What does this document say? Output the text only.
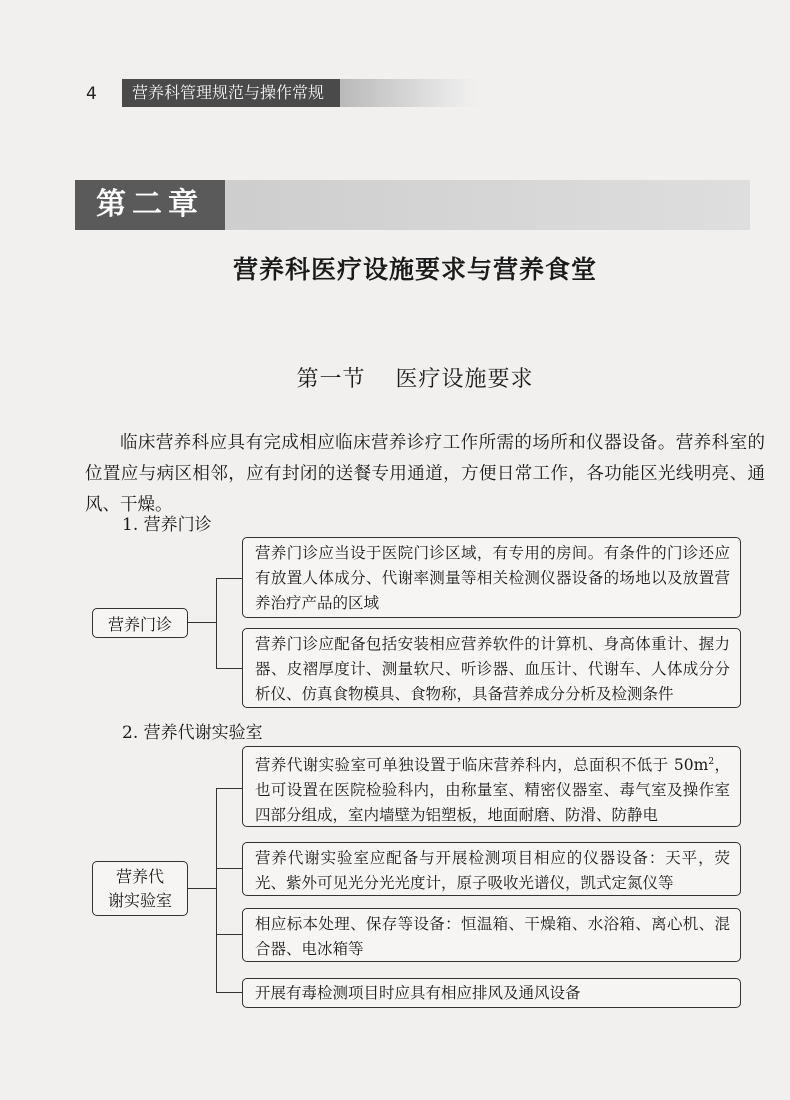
4	营养科管理规范与操作常规
第二章
营养科医疗设施要求与营养食堂
第一节 医疗设施要求
临床营养科应具有完成相应临床营养诊疗工作所需的场所和仪器设备。营养科室的位置应与病区相邻，应有封闭的送餐专用通道，方便日常工作，各功能区光线明亮、通风、干燥。
1. 营养门诊
营养门诊
营养门诊应当设于医院门诊区域，有专用的房间。有条件的门诊还应有放置人体成分、代谢率测量等相关检测仪器设备的场地以及放置营养治疗产品的区域
营养门诊应配备包括安装相应营养软件的计算机、身高体重计、握力器、皮褶厚度计、测量软尺、听诊器、血压计、代谢车、人体成分分析仪、仿真食物模具、食物称，具备营养成分分析及检测条件
2. 营养代谢实验室
营养代
谢实验室
营养代谢实验室可单独设置于临床营养科内，总面积不低于 $50m^2$，也可设置在医院检验科内，由称量室、精密仪器室、毒气室及操作室四部分组成，室内墙壁为铝塑板，地面耐磨、防滑、防静电
营养代谢实验室应配备与开展检测项目相应的仪器设备：天平，荧光、紫外可见光分光光度计，原子吸收光谱仪，凯式定氮仪等
相应标本处理、保存等设备：恒温箱、干燥箱、水浴箱、离心机、混合器、电冰箱等
开展有毒检测项目时应具有相应排风及通风设备
